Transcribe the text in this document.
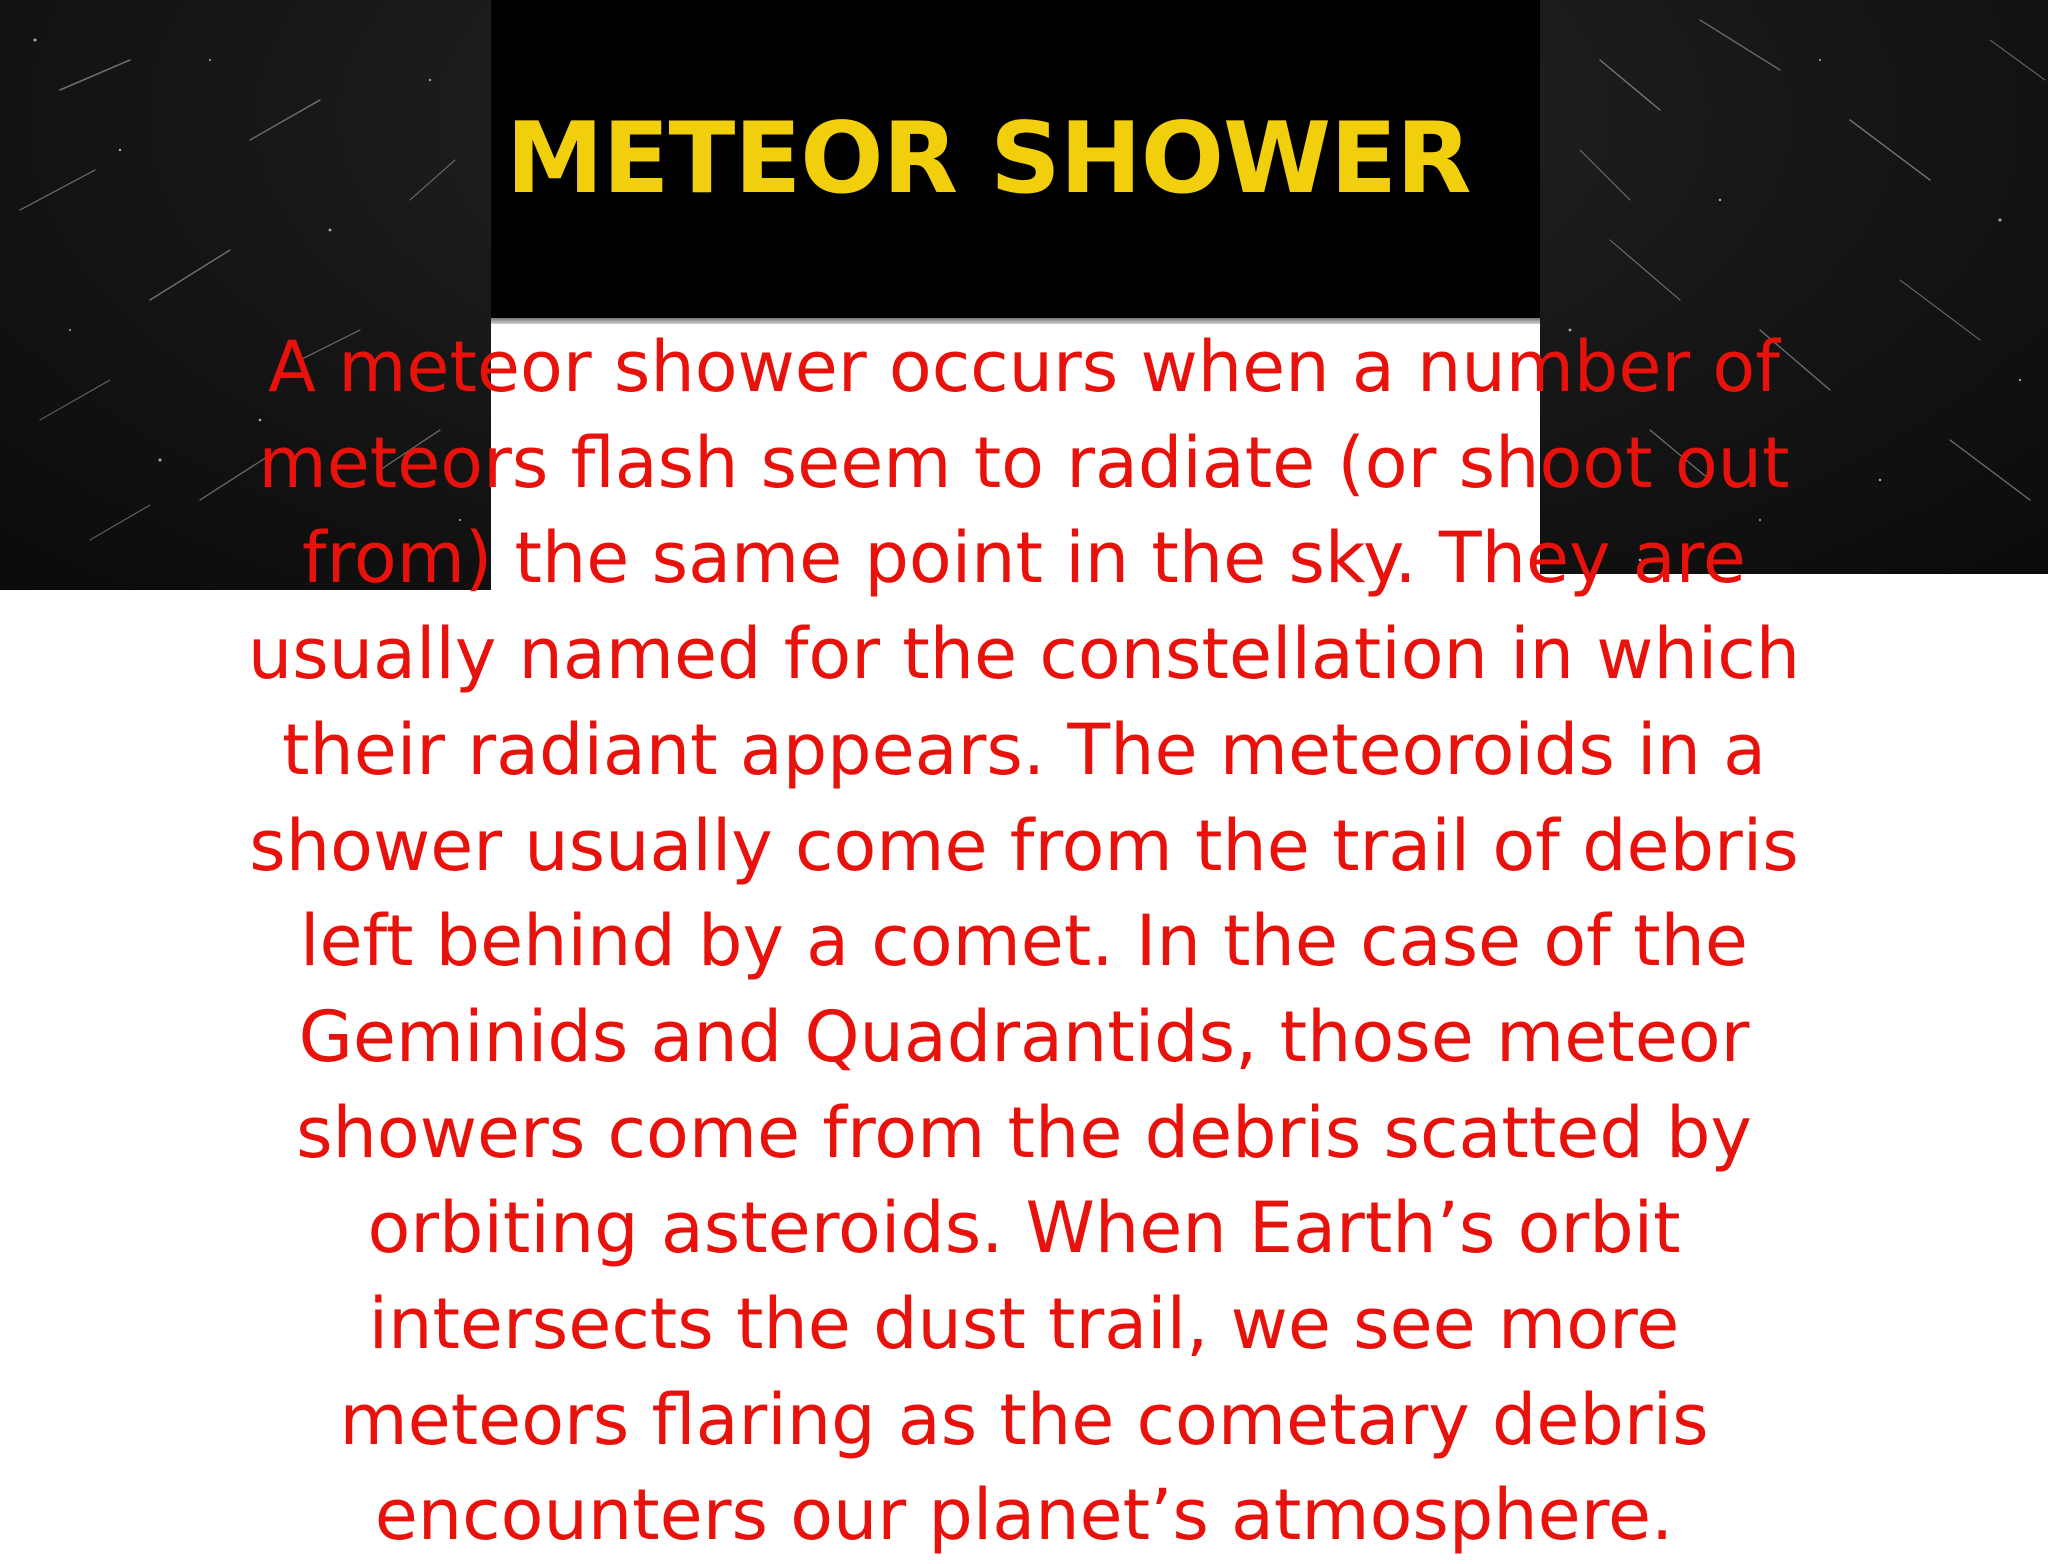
METEOR SHOWER
A meteor shower occurs when a number of
meteors flash seem to radiate (or shoot out
from) the same point in the sky. They are
usually named for the constellation in which
their radiant appears. The meteoroids in a
shower usually come from the trail of debris
left behind by a comet. In the case of the
Geminids and Quadrantids, those meteor
showers come from the debris scatted by
orbiting asteroids. When Earth’s orbit
intersects the dust trail, we see more
meteors flaring as the cometary debris
encounters our planet’s atmosphere.
